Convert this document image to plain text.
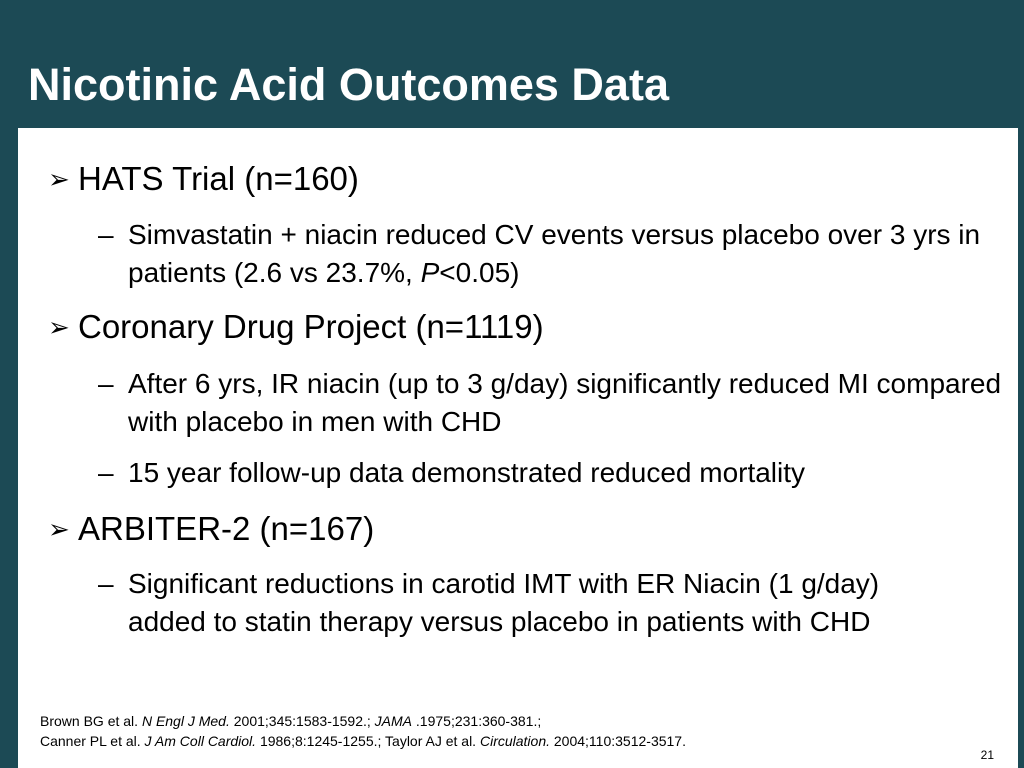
Nicotinic Acid Outcomes Data
➢ HATS Trial (n=160)
– Simvastatin + niacin reduced CV events versus placebo over 3 yrs in patients (2.6 vs 23.7%, P<0.05)
➢ Coronary Drug Project (n=1119)
– After 6 yrs, IR niacin (up to 3 g/day) significantly reduced MI compared with placebo in men with CHD
– 15 year follow-up data demonstrated reduced mortality
➢ ARBITER-2 (n=167)
– Significant reductions in carotid IMT with ER Niacin (1 g/day) added to statin therapy versus placebo in patients with CHD
Brown BG et al. N Engl J Med. 2001;345:1583-1592.; JAMA .1975;231:360-381.;
Canner PL et al. J Am Coll Cardiol. 1986;8:1245-1255.; Taylor AJ et al. Circulation. 2004;110:3512-3517.
21
